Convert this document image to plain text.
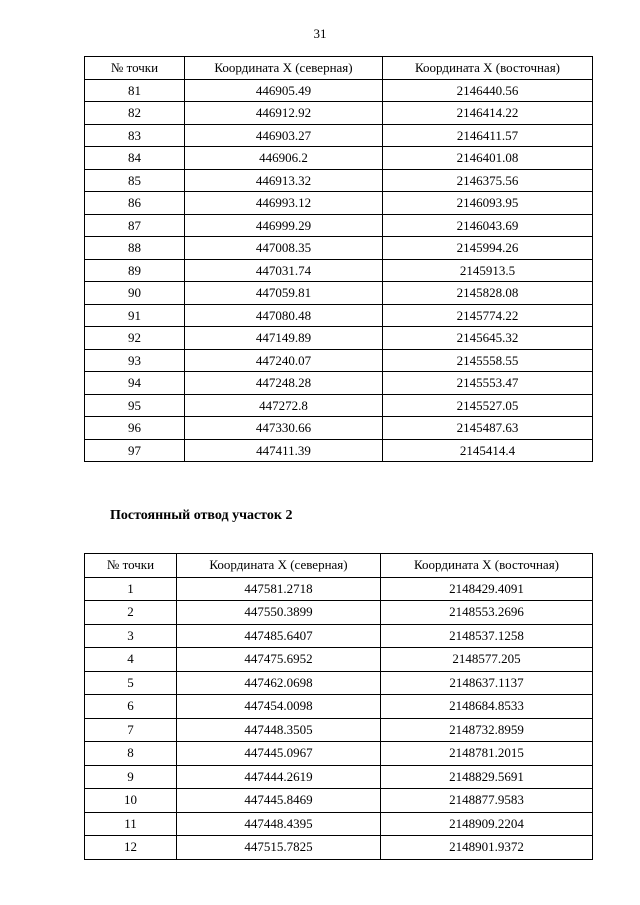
31
№ точки	Координата X (северная)	Координата X (восточная)
81	446905.49	2146440.56
82	446912.92	2146414.22
83	446903.27	2146411.57
84	446906.2	2146401.08
85	446913.32	2146375.56
86	446993.12	2146093.95
87	446999.29	2146043.69
88	447008.35	2145994.26
89	447031.74	2145913.5
90	447059.81	2145828.08
91	447080.48	2145774.22
92	447149.89	2145645.32
93	447240.07	2145558.55
94	447248.28	2145553.47
95	447272.8	2145527.05
96	447330.66	2145487.63
97	447411.39	2145414.4
Постоянный отвод участок 2
№ точки	Координата X (северная)	Координата X (восточная)
1	447581.2718	2148429.4091
2	447550.3899	2148553.2696
3	447485.6407	2148537.1258
4	447475.6952	2148577.205
5	447462.0698	2148637.1137
6	447454.0098	2148684.8533
7	447448.3505	2148732.8959
8	447445.0967	2148781.2015
9	447444.2619	2148829.5691
10	447445.8469	2148877.9583
11	447448.4395	2148909.2204
12	447515.7825	2148901.9372
